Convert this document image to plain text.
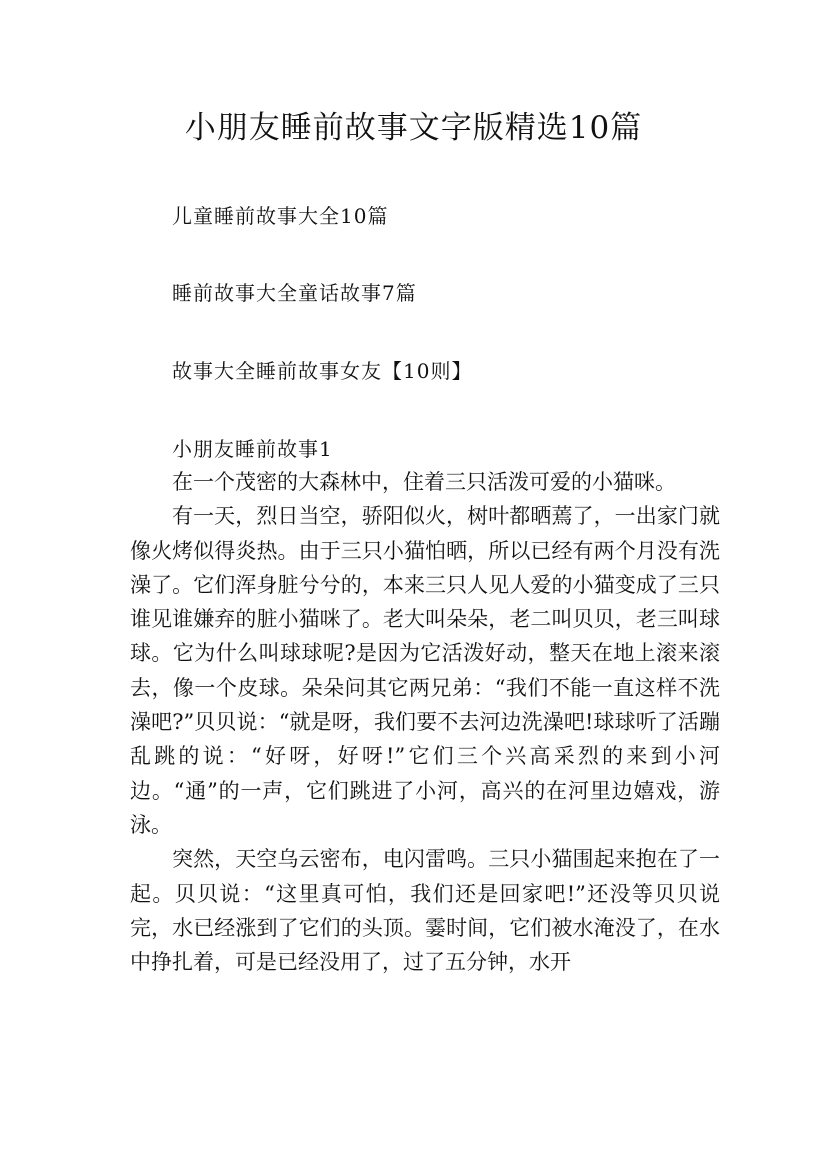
小朋友睡前故事文字版精选10篇
儿童睡前故事大全10篇
睡前故事大全童话故事7篇
故事大全睡前故事女友【10则】
小朋友睡前故事1

在一个茂密的大森林中，住着三只活泼可爱的小猫咪。

有一天，烈日当空，骄阳似火，树叶都晒蔫了，一出家门就像火烤似得炎热。由于三只小猫怕晒，所以已经有两个月没有洗澡了。它们浑身脏兮兮的，本来三只人见人爱的小猫变成了三只谁见谁嫌弃的脏小猫咪了。老大叫朵朵，老二叫贝贝，老三叫球球。它为什么叫球球呢?是因为它活泼好动，整天在地上滚来滚去，像一个皮球。朵朵问其它两兄弟：“我们不能一直这样不洗澡吧?”贝贝说：“就是呀，我们要不去河边洗澡吧!球球听了活蹦乱跳的说：“好呀，好呀!”它们三个兴高采烈的来到小河边。“通”的一声，它们跳进了小河，高兴的在河里边嬉戏，游泳。

突然，天空乌云密布，电闪雷鸣。三只小猫围起来抱在了一起。贝贝说：“这里真可怕，我们还是回家吧!”还没等贝贝说完，水已经涨到了它们的头顶。霎时间，它们被水淹没了，在水中挣扎着，可是已经没用了，过了五分钟，水开
